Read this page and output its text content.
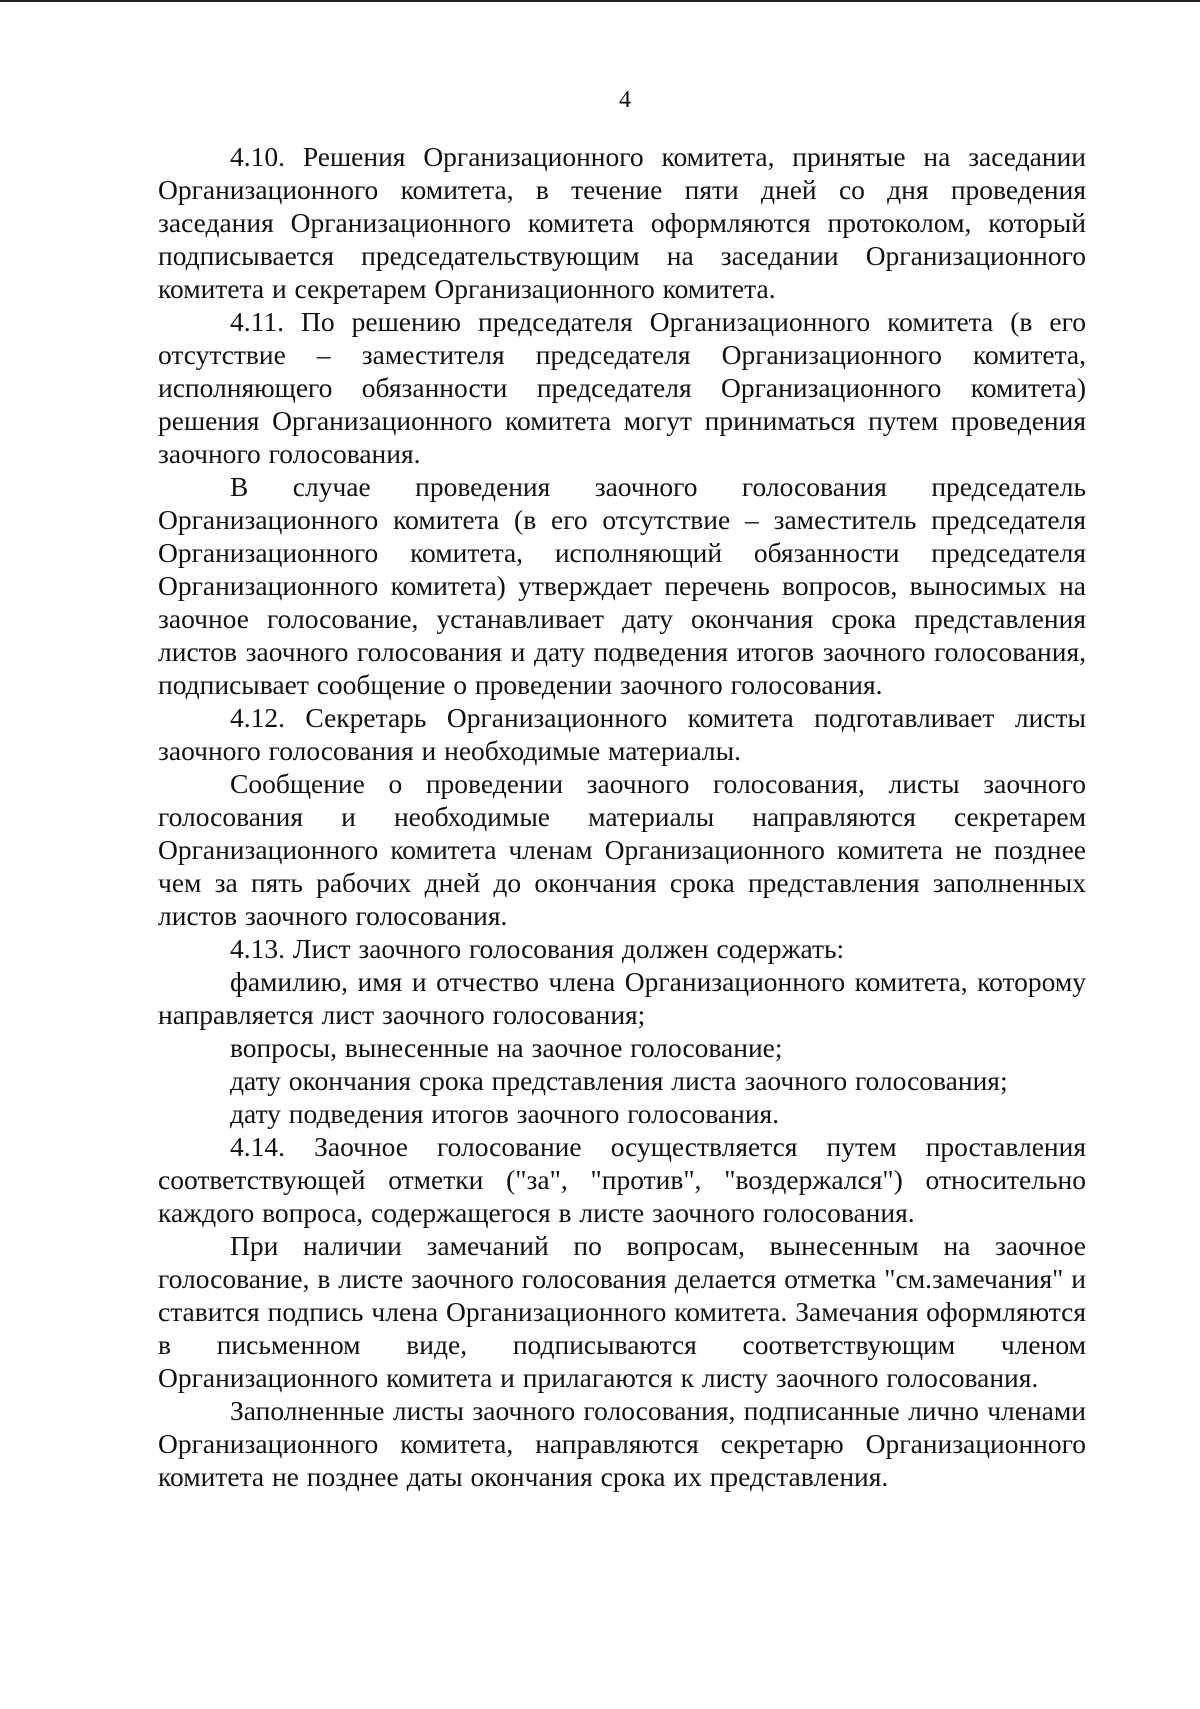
4

4.10. Решения Организационного комитета, принятые на заседании Организационного комитета, в течение пяти дней со дня проведения заседания Организационного комитета оформляются протоколом, который подписывается председательствующим на заседании Организационного комитета и секретарем Организационного комитета.

4.11. По решению председателя Организационного комитета (в его отсутствие – заместителя председателя Организационного комитета, исполняющего обязанности председателя Организационного комитета) решения Организационного комитета могут приниматься путем проведения заочного голосования.

В случае проведения заочного голосования председатель Организационного комитета (в его отсутствие – заместитель председателя Организационного комитета, исполняющий обязанности председателя Организационного комитета) утверждает перечень вопросов, выносимых на заочное голосование, устанавливает дату окончания срока представления листов заочного голосования и дату подведения итогов заочного голосования, подписывает сообщение о проведении заочного голосования.

4.12. Секретарь Организационного комитета подготавливает листы заочного голосования и необходимые материалы.

Сообщение о проведении заочного голосования, листы заочного голосования и необходимые материалы направляются секретарем Организационного комитета членам Организационного комитета не позднее чем за пять рабочих дней до окончания срока представления заполненных листов заочного голосования.

4.13. Лист заочного голосования должен содержать:

фамилию, имя и отчество члена Организационного комитета, которому направляется лист заочного голосования;

вопросы, вынесенные на заочное голосование;

дату окончания срока представления листа заочного голосования;

дату подведения итогов заочного голосования.

4.14. Заочное голосование осуществляется путем проставления соответствующей отметки ("за", "против", "воздержался") относительно каждого вопроса, содержащегося в листе заочного голосования.

При наличии замечаний по вопросам, вынесенным на заочное голосование, в листе заочного голосования делается отметка "см.замечания" и ставится подпись члена Организационного комитета. Замечания оформляются в письменном виде, подписываются соответствующим членом Организационного комитета и прилагаются к листу заочного голосования.

Заполненные листы заочного голосования, подписанные лично членами Организационного комитета, направляются секретарю Организационного комитета не позднее даты окончания срока их представления.
